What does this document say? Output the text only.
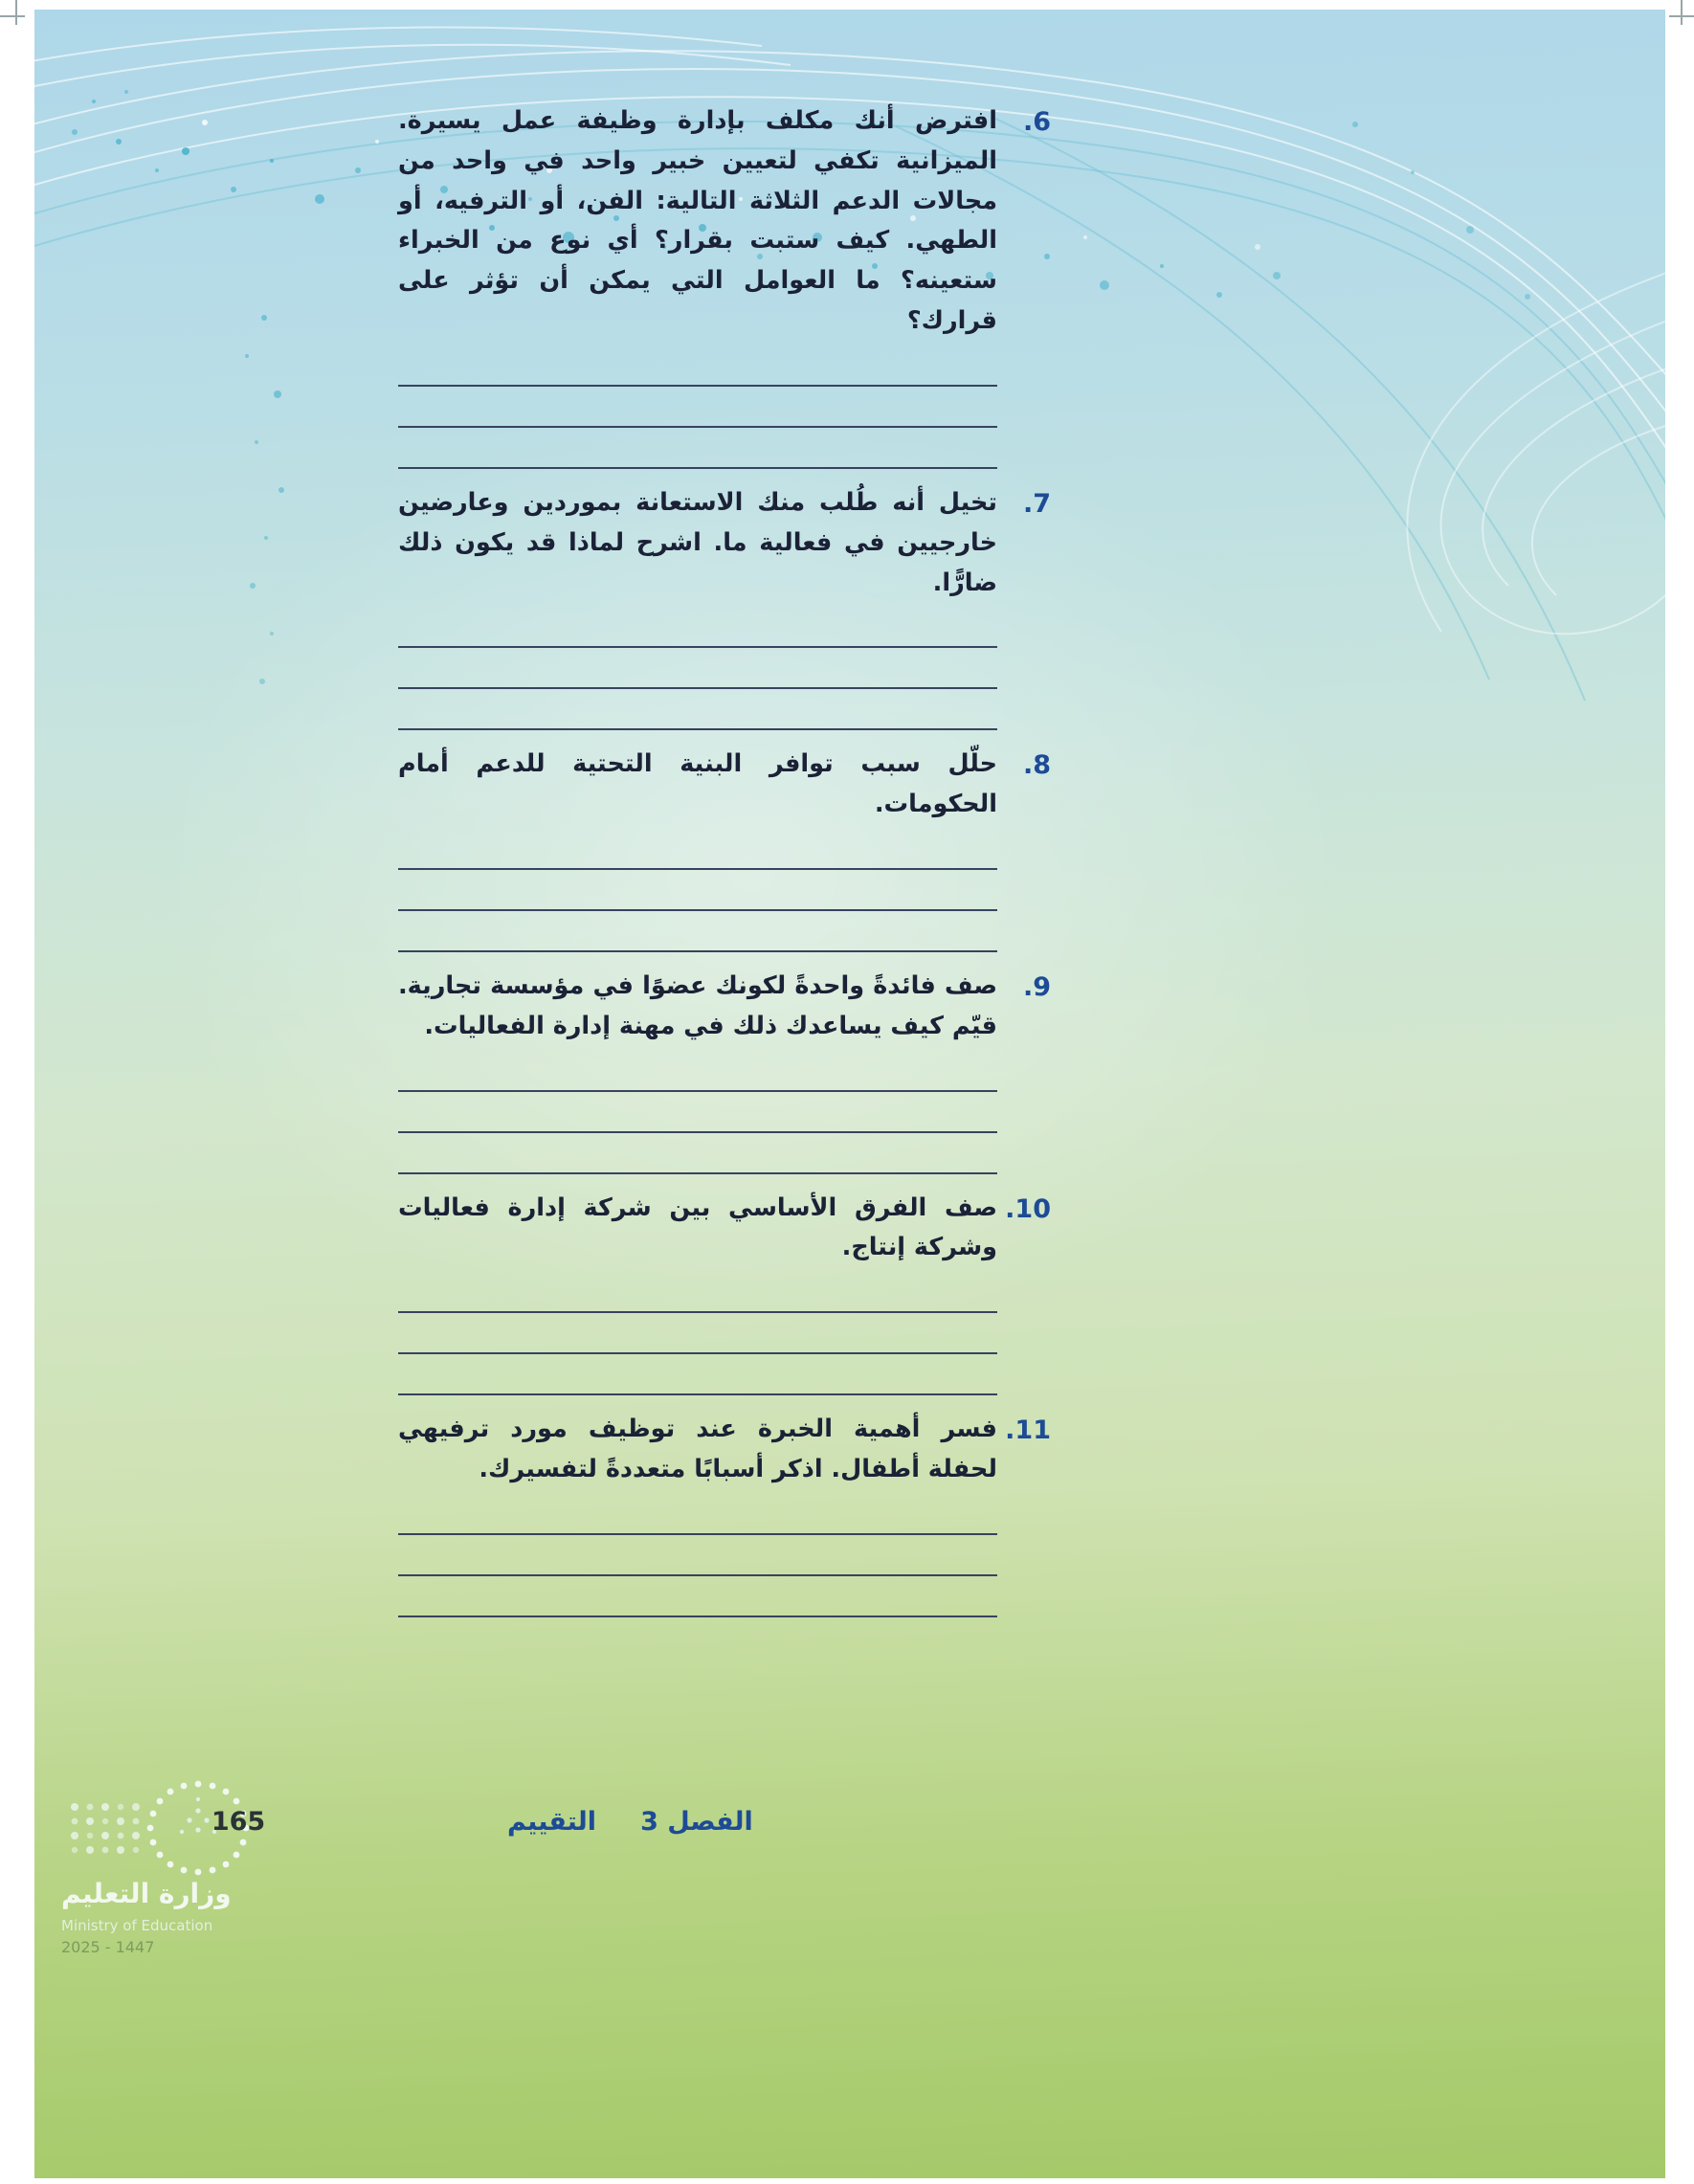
6.

افترض أنك مكلف بإدارة وظيفة عمل يسيرة. الميزانية تكفي لتعيين خبير واحد في واحد من مجالات الدعم الثلاثة التالية: الفن، أو الترفيه، أو الطهي. كيف ستبت بقرار؟ أي نوع من الخبراء ستعينه؟ ما العوامل التي يمكن أن تؤثر على قرارك؟

7.

تخيل أنه طُلب منك الاستعانة بموردين وعارضين خارجيين في فعالية ما. اشرح لماذا قد يكون ذلك ضارًّا.

8.

حلّل سبب توافر البنية التحتية للدعم أمام الحكومات.

9.

صف فائدةً واحدةً لكونك عضوًا في مؤسسة تجارية. قيّم كيف يساعدك ذلك في مهنة إدارة الفعاليات.

10.

صف الفرق الأساسي بين شركة إدارة فعاليات وشركة إنتاج.

11.

فسر أهمية الخبرة عند توظيف مورد ترفيهي لحفلة أطفال. اذكر أسبابًا متعددةً لتفسيرك.

الفصل 3
التقييم
165
وزارة التعليم
Ministry of Education
2025 - 1447
